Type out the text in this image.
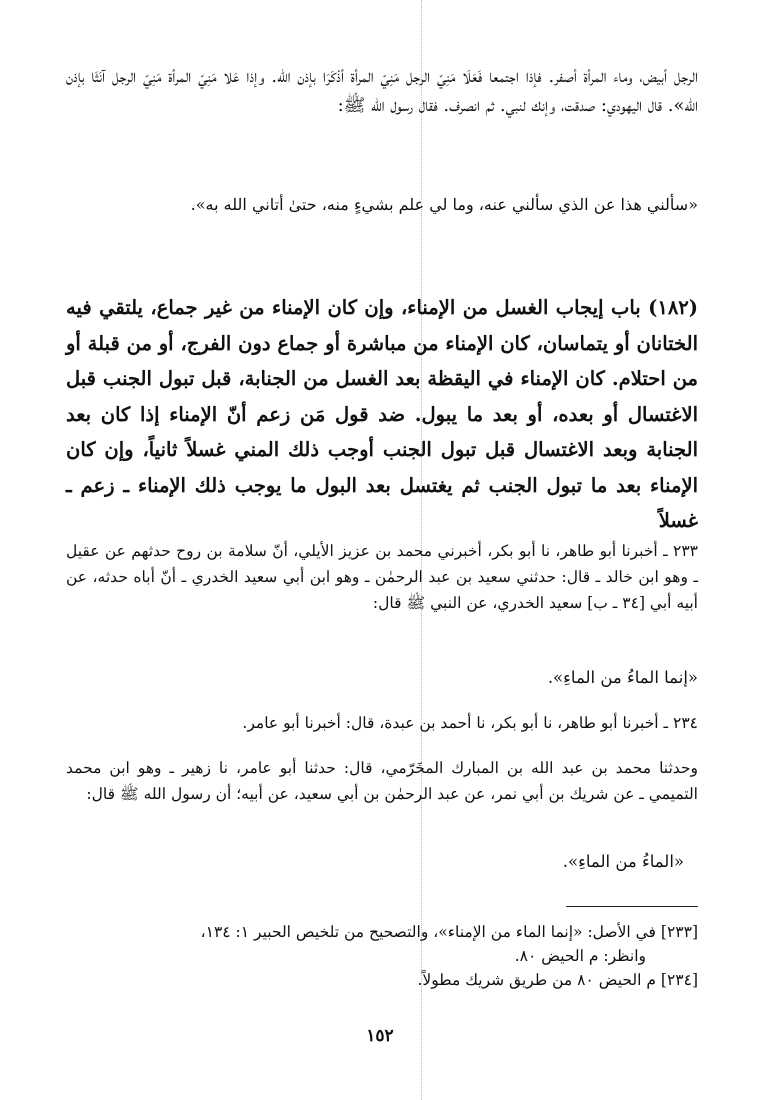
الرجل أبيض، وماء المرأة أصفر. فإذا اجتمعا فَعَلَا مَنِيّ الرجل مَنِيّ المرأة أذْكَرَا بإذن الله. وإذا عَلا مَنِيّ المرأة مَنِيّ الرجل آنَثَا بإذن الله». قال اليهودي: صدقت، وإنك لنبي. ثم انصرف. فقال رسول الله ﷺ:

«سألني هذا عن الذي سألني عنه، وما لي علم بشيءٍ منه، حتىٰ أتاني الله به».

(١٨٢) باب إيجاب الغسل من الإمناء، وإن كان الإمناء من غير جماع، يلتقي فيه الختانان أو يتماسان، كان الإمناء من مباشرة أو جماع دون الفرج، أو من قبلة أو من احتلام. كان الإمناء في اليقظة بعد الغسل من الجنابة، قبل تبول الجنب قبل الاغتسال أو بعده، أو بعد ما يبول. ضد قول مَن زعم أنّ الإمناء إذا كان بعد الجنابة وبعد الاغتسال قبل تبول الجنب أوجب ذلك المني غسلاً ثانياً، وإن كان الإمناء بعد ما تبول الجنب ثم يغتسل بعد البول ما يوجب ذلك الإمناء ـ زعم ـ غسلاً

٢٣٣ ـ أخبرنا أبو طاهر، نا أبو بكر، أخبرني محمد بن عزيز الأيلي، أنّ سلامة بن روح حدثهم عن عقيل ـ وهو ابن خالد ـ قال: حدثني سعيد بن عبد الرحمٰن ـ وهو ابن أبي سعيد الخدري ـ أنّ أباه حدثه، عن أبيه أبي [٣٤ ـ ب] سعيد الخدري، عن النبي ﷺ قال:

«إنما الماءُ من الماءِ».

٢٣٤ ـ أخبرنا أبو طاهر، نا أبو بكر، نا أحمد بن عبدة، قال: أخبرنا أبو عامر.

وحدثنا محمد بن عبد الله بن المبارك المخَرّمي، قال: حدثنا أبو عامر، نا زهير ـ وهو ابن محمد التميمي ـ عن شريك بن أبي نمر، عن عبد الرحمٰن بن أبي سعيد، عن أبيه؛ أن رسول الله ﷺ قال:

«الماءُ من الماءِ».

[٢٣٣] في الأصل: «إنما الماء من الإمناء»، والتصحيح من تلخيص الحبير ١: ١٣٤،
وانظر: م الحيض ٨٠.
[٢٣٤] م الحيض ٨٠ من طريق شريك مطولاً.
١٥٢
